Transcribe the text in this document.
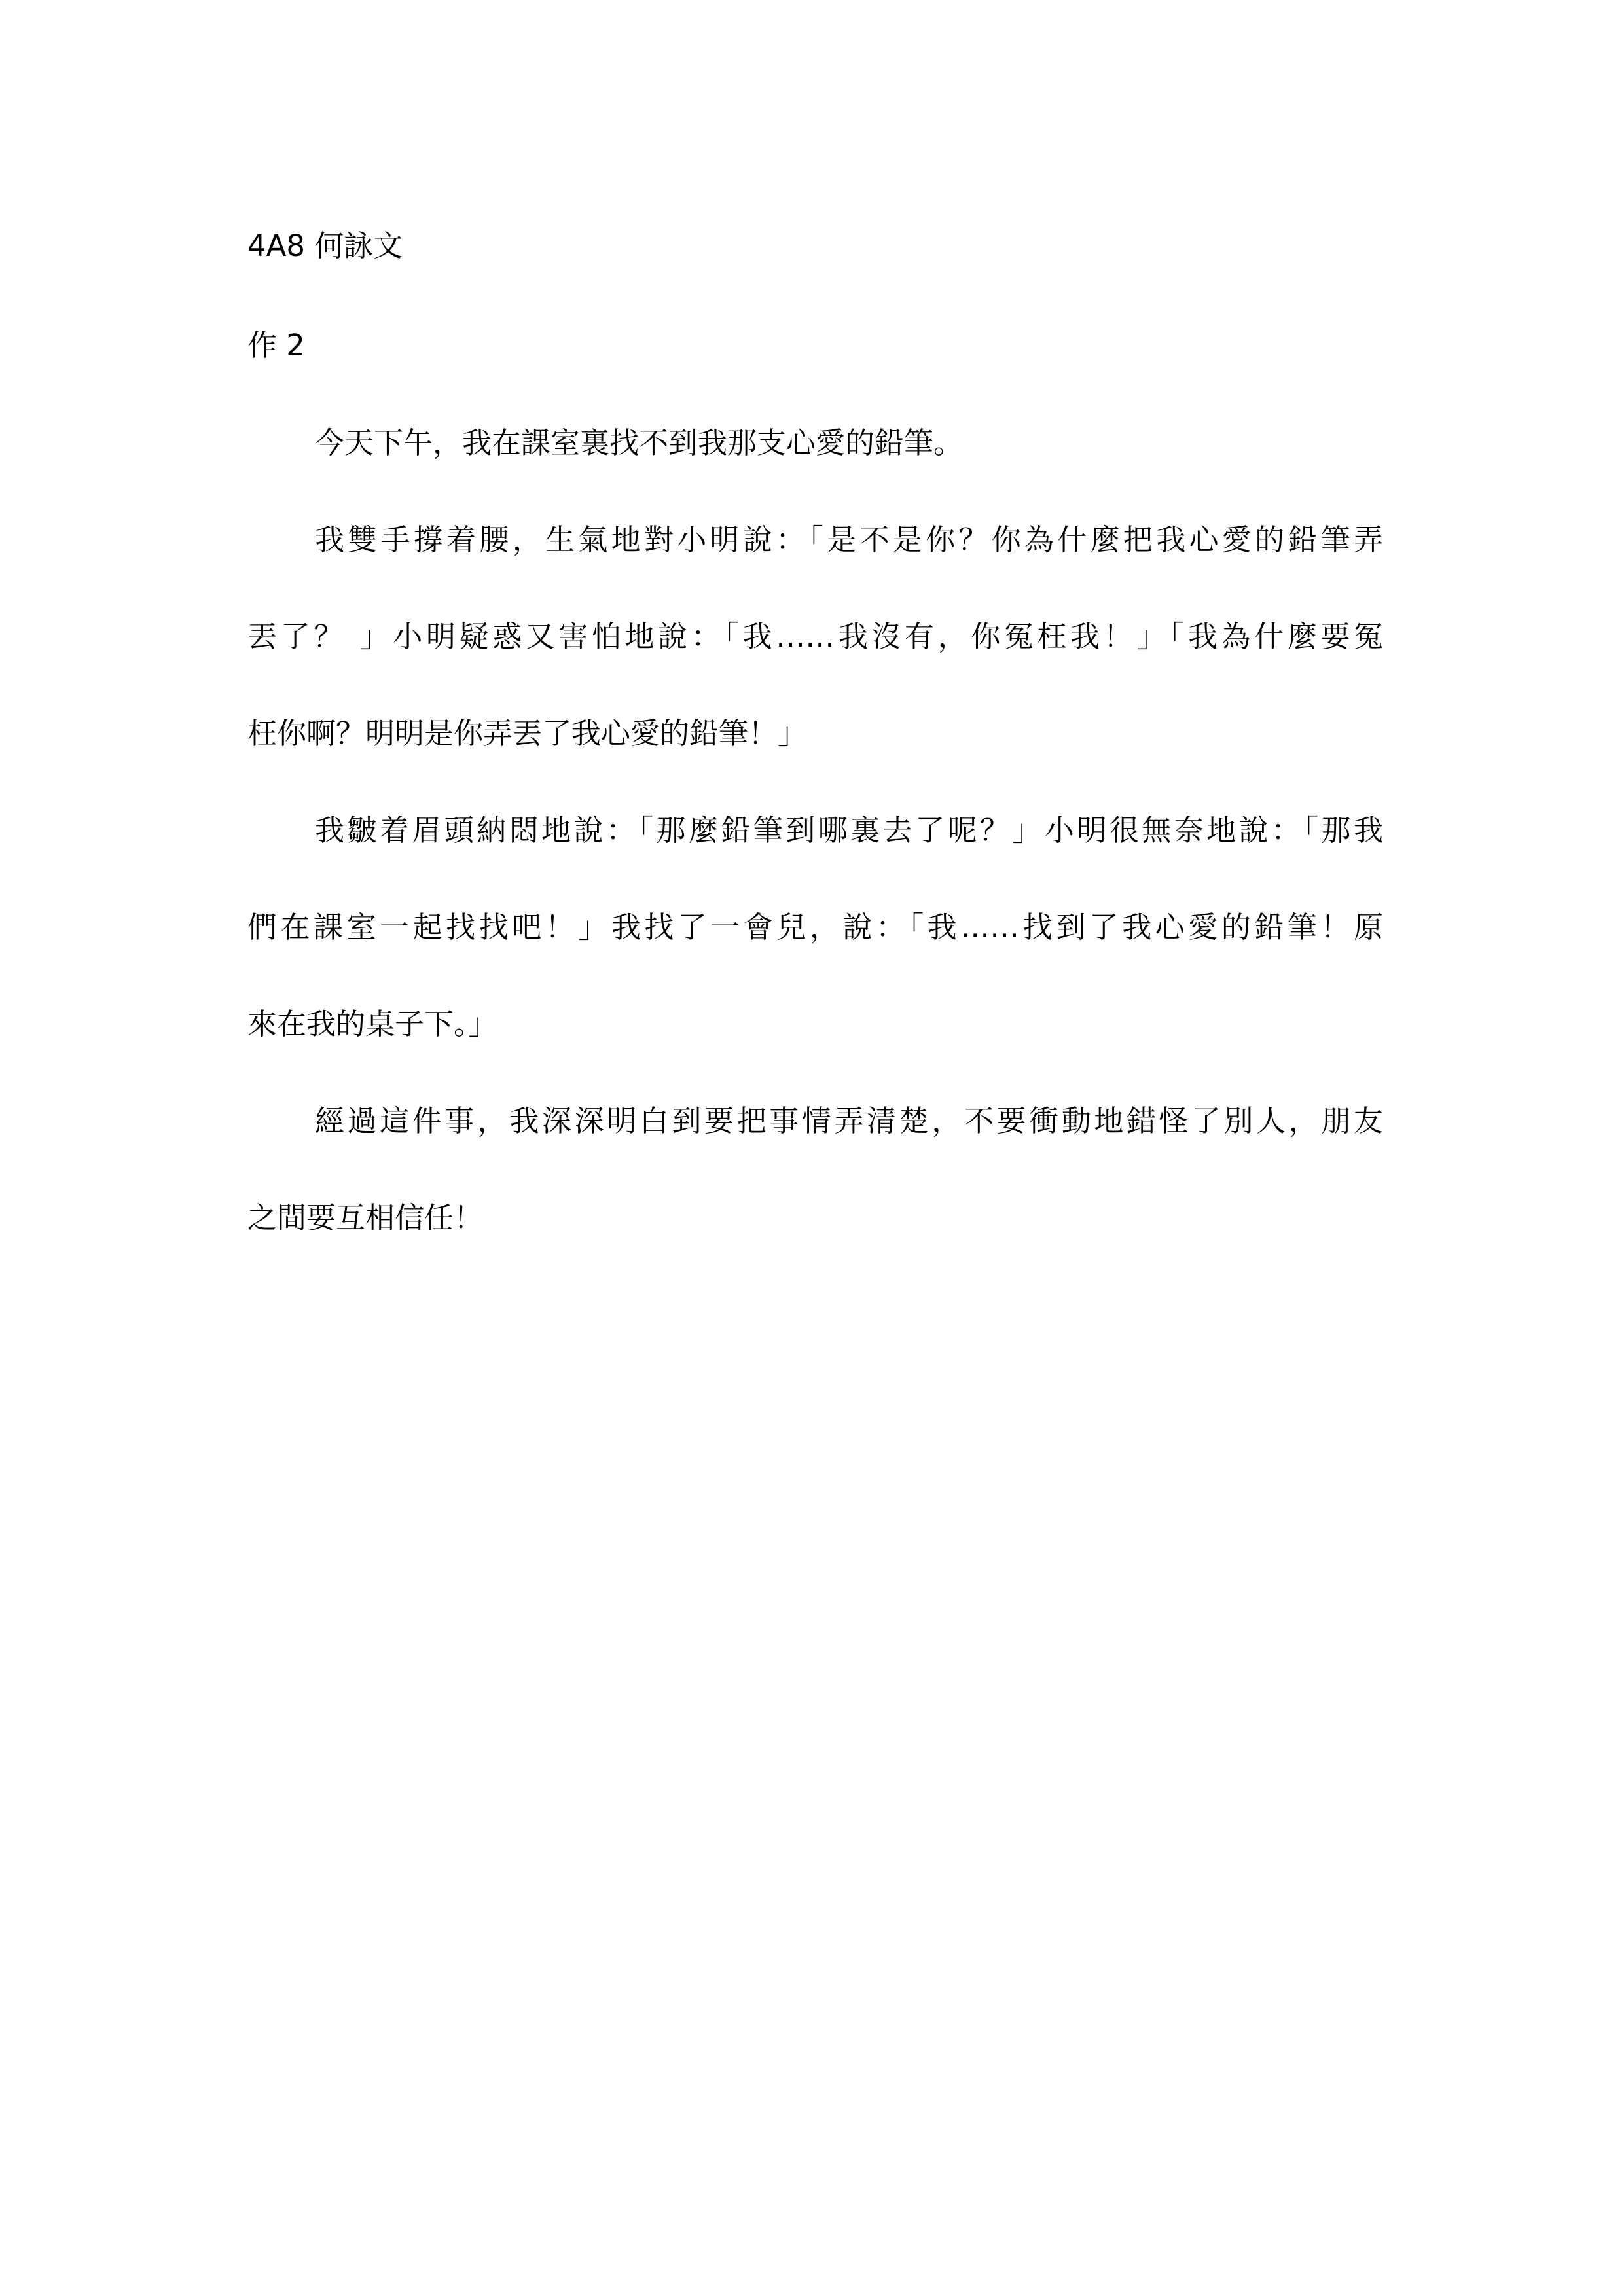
4A8 何詠文
作 2
今天下午，我在課室裏找不到我那支心愛的鉛筆。
我雙手撐着腰，生氣地對小明說：「是不是你？你為什麼把我心愛的鉛筆弄
丟了？ 」小明疑惑又害怕地說：「我……我沒有，你冤枉我！」「我為什麼要冤
枉你啊？明明是你弄丟了我心愛的鉛筆！」
我皺着眉頭納悶地說：「那麼鉛筆到哪裏去了呢？」小明很無奈地說：「那我
們在課室一起找找吧！」我找了一會兒，說：「我……找到了我心愛的鉛筆！原
來在我的桌子下。」
經過這件事，我深深明白到要把事情弄清楚，不要衝動地錯怪了別人，朋友
之間要互相信任！
